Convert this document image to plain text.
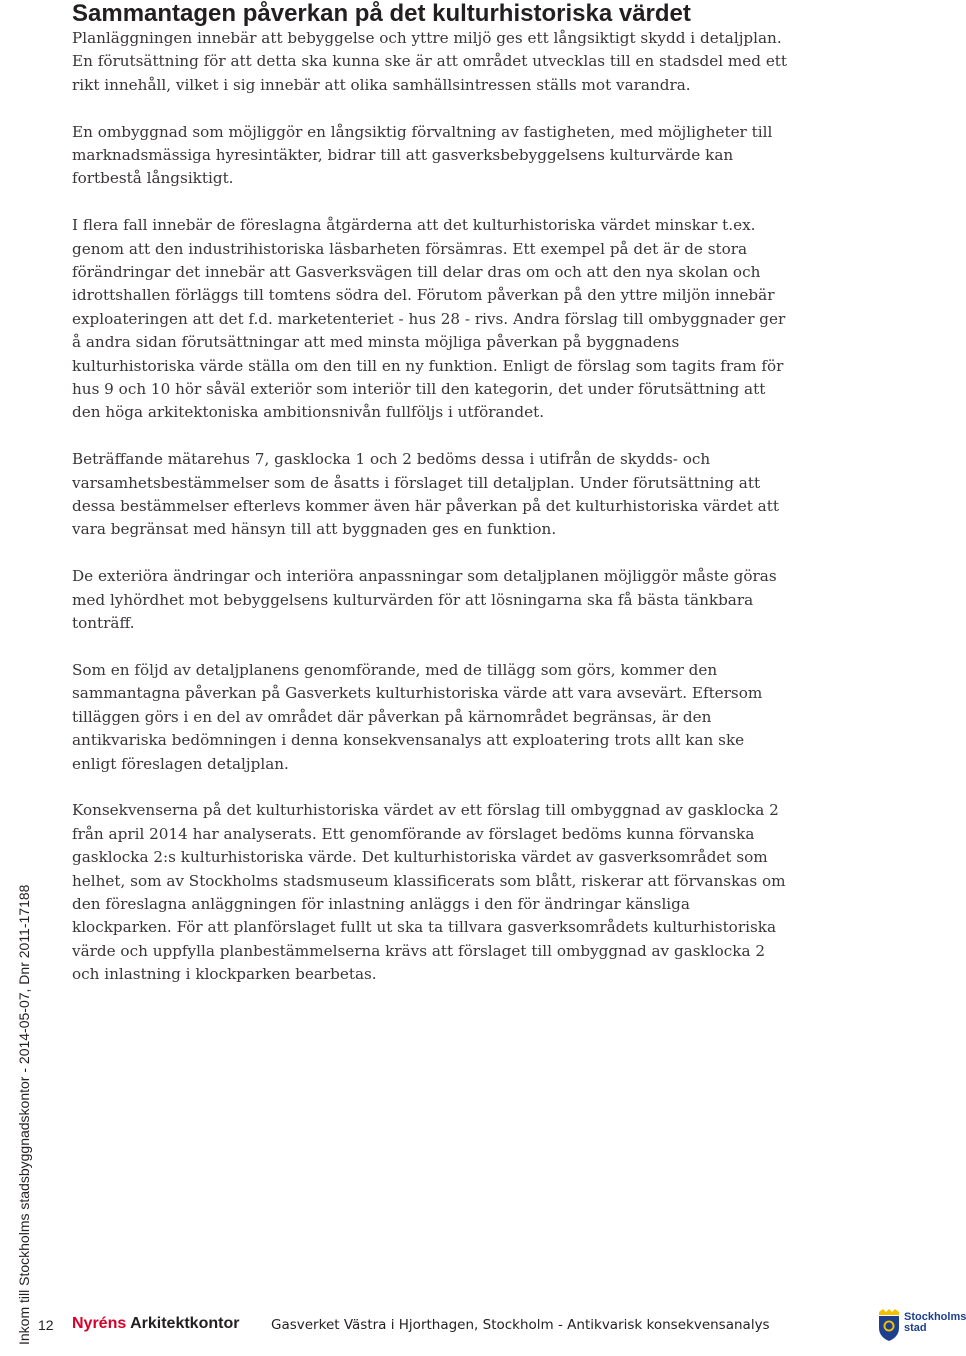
Sammantagen påverkan på det kulturhistoriska värdet

Planläggningen innebär att bebyggelse och yttre miljö ges ett långsiktigt skydd i detaljplan. En förutsättning för att detta ska kunna ske är att området utvecklas till en stadsdel med ett rikt innehåll, vilket i sig innebär att olika samhällsintressen ställs mot varandra.

En ombyggnad som möjliggör en långsiktig förvaltning av fastigheten, med möjligheter till marknadsmässiga hyresintäkter, bidrar till att gasverksbebyggelsens kulturvärde kan fortbestå långsiktigt.

I flera fall innebär de föreslagna åtgärderna att det kulturhistoriska värdet minskar t.ex. genom att den industrihistoriska läsbarheten försämras. Ett exempel på det är de stora förändringar det innebär att Gasverksvägen till delar dras om och att den nya skolan och idrottshallen förläggs till tomtens södra del. Förutom påverkan på den yttre miljön innebär exploateringen att det f.d. marketenteriet - hus 28 - rivs. Andra förslag till ombyggnader ger å andra sidan förutsättningar att med minsta möjliga påverkan på byggnadens kulturhistoriska värde ställa om den till en ny funktion. Enligt de förslag som tagits fram för hus 9 och 10 hör såväl exteriör som interiör till den kategorin, det under förutsättning att den höga arkitektoniska ambitionsnivån fullföljs i utförandet.

Beträffande mätarehus 7, gasklocka 1 och 2 bedöms dessa i utifrån de skydds- och varsamhetsbestämmelser som de åsatts i förslaget till detaljplan. Under förutsättning att dessa bestämmelser efterlevs kommer även här påverkan på det kulturhistoriska värdet att vara begränsat med hänsyn till att byggnaden ges en funktion.

De exteriöra ändringar och interiöra anpassningar som detaljplanen möjliggör måste göras med lyhördhet mot bebyggelsens kulturvärden för att lösningarna ska få bästa tänkbara tonträff.

Som en följd av detaljplanens genomförande, med de tillägg som görs, kommer den sammantagna påverkan på Gasverkets kulturhistoriska värde att vara avsevärt. Eftersom tilläggen görs i en del av området där påverkan på kärnområdet begränsas, är den antikvariska bedömningen i denna konsekvensanalys att exploatering trots allt kan ske enligt föreslagen detaljplan.

Konsekvenserna på det kulturhistoriska värdet av ett förslag till ombyggnad av gasklocka 2 från april 2014 har analyserats. Ett genomförande av förslaget bedöms kunna förvanska gasklocka 2:s kulturhistoriska värde. Det kulturhistoriska värdet av gasverksområdet som helhet, som av Stockholms stadsmuseum klassificerats som blått, riskerar att förvanskas om den föreslagna anläggningen för inlastning anläggs i den för ändringar känsliga klockparken. För att planförslaget fullt ut ska ta tillvara gasverksområdets kulturhistoriska värde och uppfylla planbestämmelserna krävs att förslaget till ombyggnad av gasklocka 2 och inlastning i klockparken bearbetas.

Inkom till Stockholms stadsbyggnadskontor - 2014-05-07, Dnr 2011-17188 12 Nyréns Arkitektkontor Gasverket Västra i Hjorthagen, Stockholm - Antikvarisk konsekvensanalys	Stockholms
stad
